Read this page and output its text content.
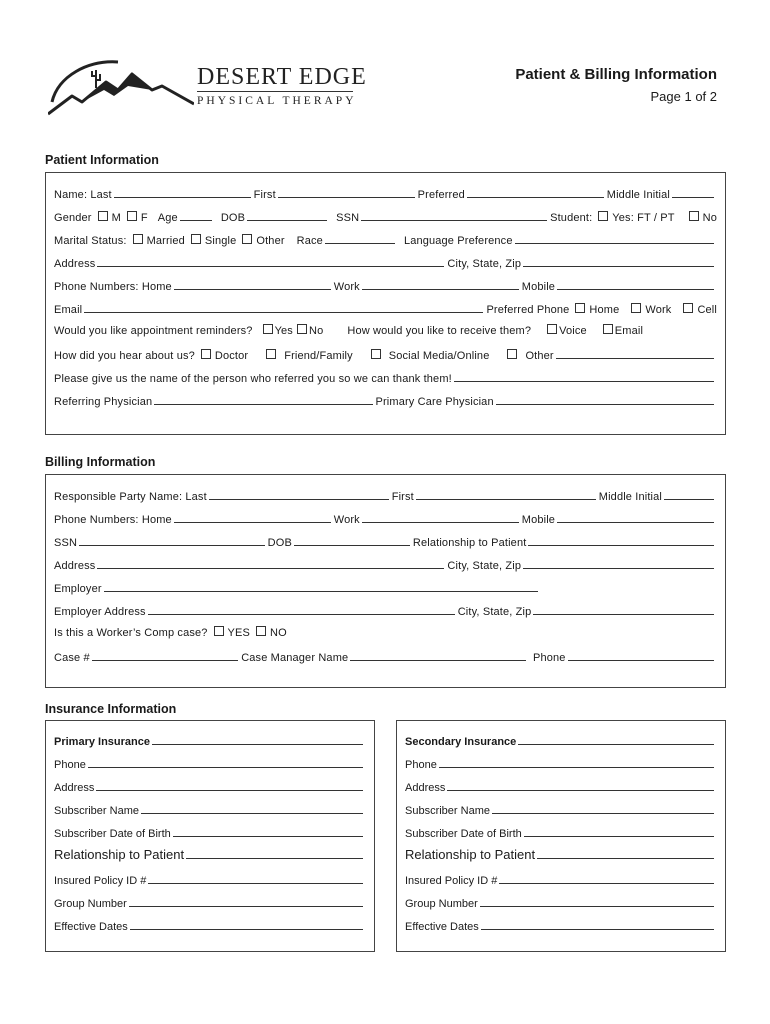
DESERT EDGE
PHYSICAL THERAPY
Patient & Billing Information
Page 1 of 2
Patient Information
Name: Last	First	Preferred	Middle Initial
Gender M F Age	DOB	SSN	Student: Yes: FT / PT	No
Marital Status: Married Single Other Race	Language Preference
Address	City, State, Zip
Phone Numbers: Home	Work	Mobile
Email	Preferred Phone Home Work Cell
Would you like appointment reminders? Yes No How would you like to receive them?	Voice	Email
How did you hear about us? Doctor	Friend/Family	Social Media/Online	Other
Please give us the name of the person who referred you so we can thank them!
Referring Physician	Primary Care Physician
Billing Information
Responsible Party Name: Last	First	Middle Initial
Phone Numbers: Home	Work	Mobile
SSN	DOB	Relationship to Patient
Address	City, State, Zip
Employer
Employer Address	City, State, Zip
Is this a Worker’s Comp case? YES NO
Case #	Case Manager Name	Phone
Insurance Information
Primary Insurance
Phone
Address
Subscriber Name
Subscriber Date of Birth
Relationship to Patient
Insured Policy ID #
Group Number
Effective Dates
Secondary Insurance
Phone
Address
Subscriber Name
Subscriber Date of Birth
Relationship to Patient
Insured Policy ID #
Group Number
Effective Dates
